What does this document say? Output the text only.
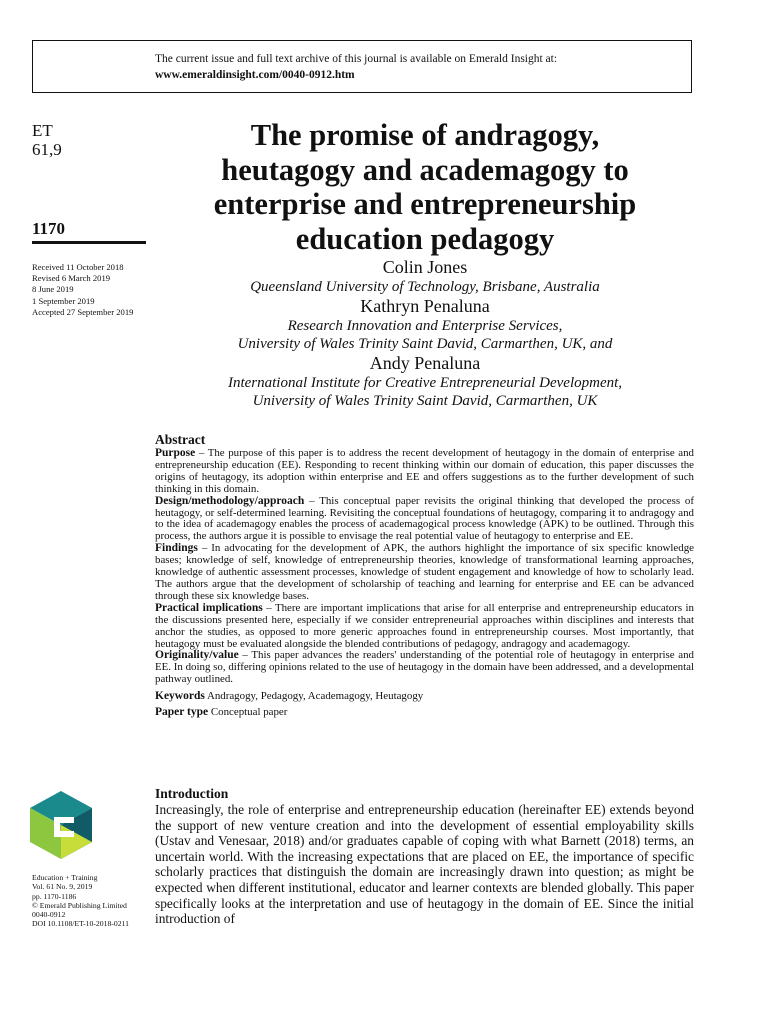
The current issue and full text archive of this journal is available on Emerald Insight at:
www.emeraldinsight.com/0040-0912.htm
ET
61,9
1170
Received 11 October 2018
Revised 6 March 2019
8 June 2019
1 September 2019
Accepted 27 September 2019
The promise of andragogy,
heutagogy and academagogy to
enterprise and entrepreneurship
education pedagogy
Colin Jones
Queensland University of Technology, Brisbane, Australia
Kathryn Penaluna
Research Innovation and Enterprise Services,
University of Wales Trinity Saint David, Carmarthen, UK, and
Andy Penaluna
International Institute for Creative Entrepreneurial Development,
University of Wales Trinity Saint David, Carmarthen, UK
Abstract

Purpose – The purpose of this paper is to address the recent development of heutagogy in the domain of enterprise and entrepreneurship education (EE). Responding to recent thinking within our domain of education, this paper discusses the origins of heutagogy, its adoption within enterprise and EE and offers suggestions as to the further development of such thinking in this domain.

Design/methodology/approach – This conceptual paper revisits the original thinking that developed the process of heutagogy, or self-determined learning. Revisiting the conceptual foundations of heutagogy, comparing it to andragogy and to the idea of academagogy enables the process of academagogical process knowledge (APK) to be outlined. Through this process, the authors argue it is possible to envisage the real potential value of heutagogy to enterprise and EE.

Findings – In advocating for the development of APK, the authors highlight the importance of six specific knowledge bases; knowledge of self, knowledge of entrepreneurship theories, knowledge of transformational learning approaches, knowledge of authentic assessment processes, knowledge of student engagement and knowledge of how to scholarly lead. The authors argue that the development of scholarship of teaching and learning for enterprise and EE can be advanced through these six knowledge bases.

Practical implications – There are important implications that arise for all enterprise and entrepreneurship educators in the discussions presented here, especially if we consider entrepreneurial approaches within disciplines and interests that anchor the studies, as opposed to more generic approaches found in entrepreneurship courses. Most importantly, that heutagogy must be evaluated alongside the blended contributions of pedagogy, andragogy and academagogy.

Originality/value – This paper advances the readers' understanding of the potential role of heutagogy in enterprise and EE. In doing so, differing opinions related to the use of heutagogy in the domain have been addressed, and a developmental pathway outlined.

Keywords Andragogy, Pedagogy, Academagogy, Heutagogy
Paper type Conceptual paper
Introduction
Increasingly, the role of enterprise and entrepreneurship education (hereinafter EE) extends beyond the support of new venture creation and into the development of essential employability skills (Ustav and Venesaar, 2018) and/or graduates capable of coping with what Barnett (2018) terms, an uncertain world. With the increasing expectations that are placed on EE, the importance of specific scholarly practices that distinguish the domain are increasingly drawn into question; as might be expected when different institutional, educator and learner contexts are blended globally. This paper specifically looks at the interpretation and use of heutagogy in the domain of EE. Since the initial introduction of
Education + Training
Vol. 61 No. 9, 2019
pp. 1170-1186
© Emerald Publishing Limited
0040-0912
DOI 10.1108/ET-10-2018-0211
